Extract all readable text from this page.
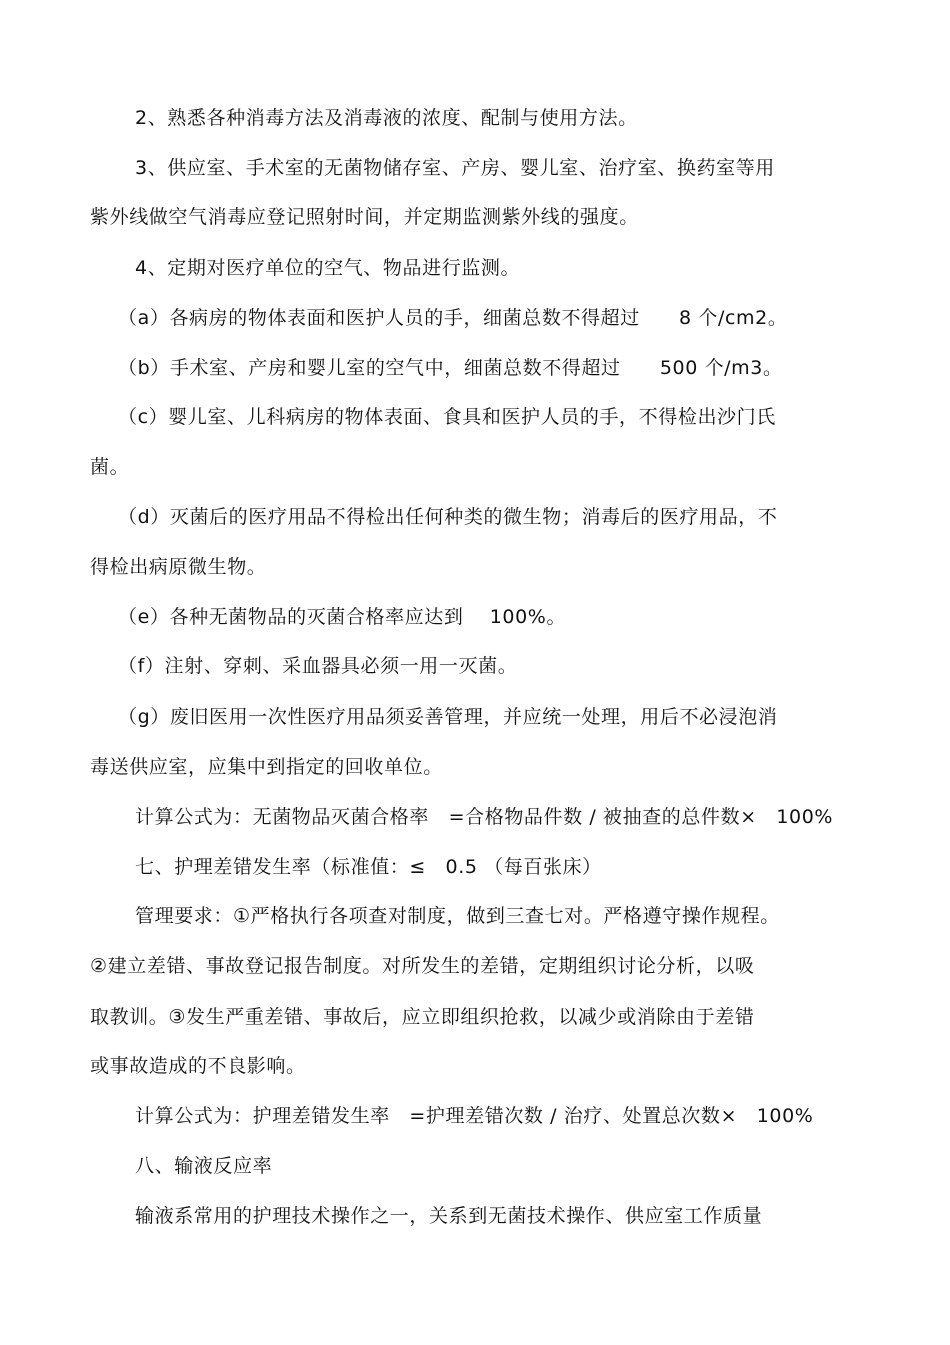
2、熟悉各种消毒方法及消毒液的浓度、配制与使用方法。
3、供应室、手术室的无菌物储存室、产房、婴儿室、治疗室、换药室等用
紫外线做空气消毒应登记照射时间，并定期监测紫外线的强度。
4、定期对医疗单位的空气、物品进行监测。
（a）各病房的物体表面和医护人员的手，细菌总数不得超过　　8 个/cm2。
（b）手术室、产房和婴儿室的空气中，细菌总数不得超过　　500 个/m3。
（c）婴儿室、儿科病房的物体表面、食具和医护人员的手，不得检出沙门氏
菌。
（d）灭菌后的医疗用品不得检出任何种类的微生物；消毒后的医疗用品，不
得检出病原微生物。
（e）各种无菌物品的灭菌合格率应达到　 100%。
（f）注射、穿刺、采血器具必须一用一灭菌。
（g）废旧医用一次性医疗用品须妥善管理，并应统一处理，用后不必浸泡消
毒送供应室，应集中到指定的回收单位。
计算公式为：无菌物品灭菌合格率　=合格物品件数 / 被抽查的总件数×　100%
七、护理差错发生率（标准值：≤　0.5 （每百张床）
管理要求：①严格执行各项查对制度，做到三查七对。严格遵守操作规程。
②建立差错、事故登记报告制度。对所发生的差错，定期组织讨论分析，以吸
取教训。③发生严重差错、事故后，应立即组织抢救，以减少或消除由于差错
或事故造成的不良影响。
计算公式为：护理差错发生率　=护理差错次数 / 治疗、处置总次数×　100%
八、输液反应率
输液系常用的护理技术操作之一，关系到无菌技术操作、供应室工作质量
